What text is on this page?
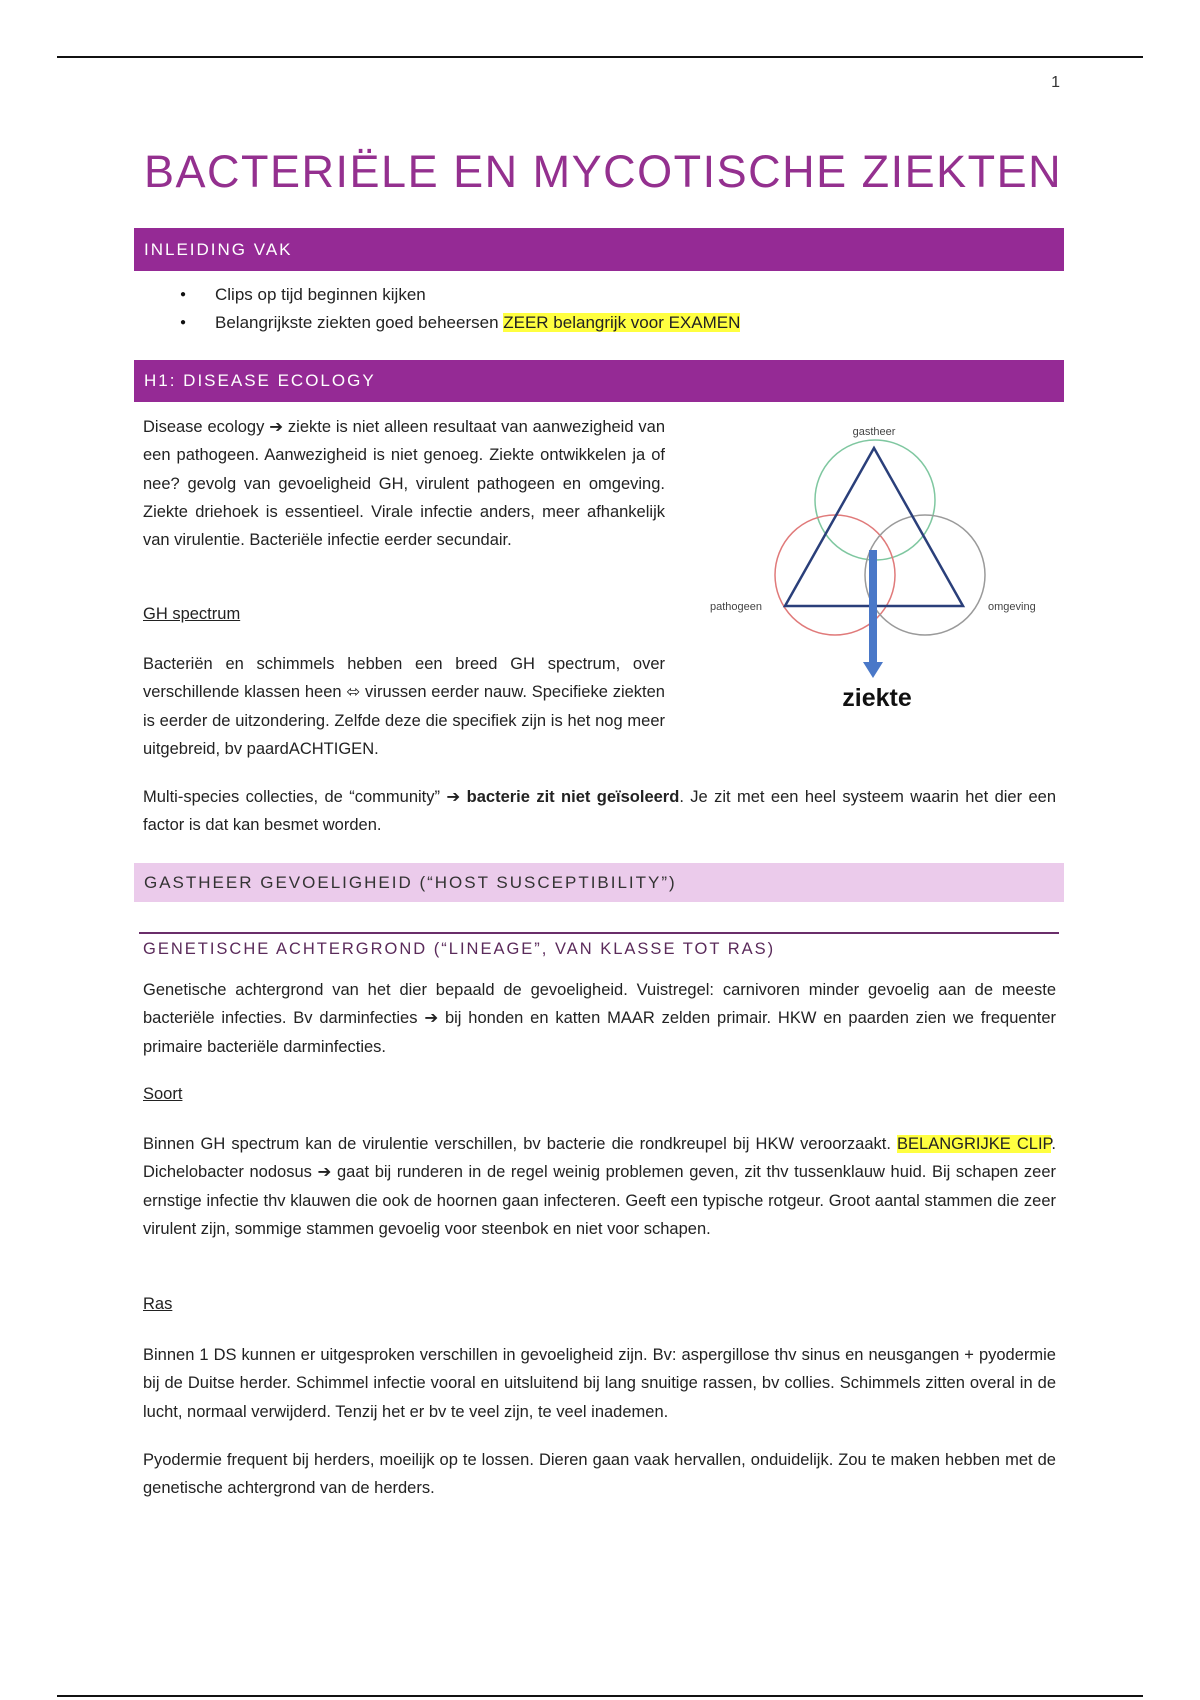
1
BACTERIËLE EN MYCOTISCHE ZIEKTEN
INLEIDING VAK
● Clips op tijd beginnen kijken
● Belangrijkste ziekten goed beheersen ZEER belangrijk voor EXAMEN
H1: DISEASE ECOLOGY

Disease ecology ➔ ziekte is niet alleen resultaat van aanwezigheid van een pathogeen. Aanwezigheid is niet genoeg. Ziekte ontwikkelen ja of nee? gevolg van gevoeligheid GH, virulent pathogeen en omgeving. Ziekte driehoek is essentieel. Virale infectie anders, meer afhankelijk van virulentie. Bacteriële infectie eerder secundair.

GH spectrum

Bacteriën en schimmels hebben een breed GH spectrum, over verschillende klassen heen ⬄ virussen eerder nauw. Specifieke ziekten is eerder de uitzondering. Zelfde deze die specifiek zijn is het nog meer uitgebreid, bv paardACHTIGEN.

gastheer
pathogeen	omgeving
ziekte

Multi-species collecties, de “community” ➔ bacterie zit niet geïsoleerd. Je zit met een heel systeem waarin het dier een factor is dat kan besmet worden.

GASTHEER GEVOELIGHEID (“HOST SUSCEPTIBILITY”)
GENETISCHE ACHTERGROND (“LINEAGE”, VAN KLASSE TOT RAS)

Genetische achtergrond van het dier bepaald de gevoeligheid. Vuistregel: carnivoren minder gevoelig aan de meeste bacteriële infecties. Bv darminfecties ➔ bij honden en katten MAAR zelden primair. HKW en paarden zien we frequenter primaire bacteriële darminfecties.

Soort

Binnen GH spectrum kan de virulentie verschillen, bv bacterie die rondkreupel bij HKW veroorzaakt. BELANGRIJKE CLIP. Dichelobacter nodosus ➔ gaat bij runderen in de regel weinig problemen geven, zit thv tussenklauw huid. Bij schapen zeer ernstige infectie thv klauwen die ook de hoornen gaan infecteren. Geeft een typische rotgeur. Groot aantal stammen die zeer virulent zijn, sommige stammen gevoelig voor steenbok en niet voor schapen.

Ras

Binnen 1 DS kunnen er uitgesproken verschillen in gevoeligheid zijn. Bv: aspergillose thv sinus en neusgangen + pyodermie bij de Duitse herder. Schimmel infectie vooral en uitsluitend bij lang snuitige rassen, bv collies. Schimmels zitten overal in de lucht, normaal verwijderd. Tenzij het er bv te veel zijn, te veel inademen.

Pyodermie frequent bij herders, moeilijk op te lossen. Dieren gaan vaak hervallen, onduidelijk. Zou te maken hebben met de genetische achtergrond van de herders.
